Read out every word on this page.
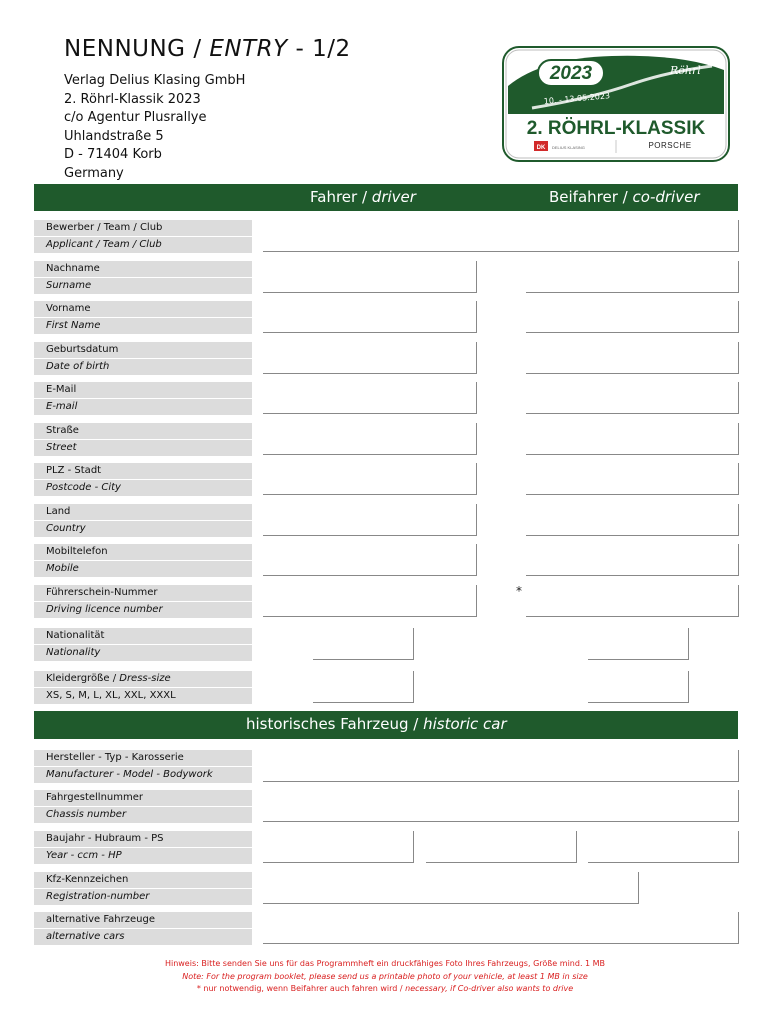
NENNUNG / ENTRY - 1/2
Verlag Delius Klasing GmbH
2. Röhrl-Klassik 2023
c/o Agentur Plusrallye
Uhlandstraße 5
D - 71404 Korb
Germany
2023
10. - 13.05.2023
Röhrl
2. RÖHRL-KLASSIK
DK DELIUS KLASING	PORSCHE
Fahrer / driver	Beifahrer / co-driver
Bewerber / Team / Club
Applicant / Team / Club
Nachname
Surname
Vorname
First Name
Geburtsdatum
Date of birth
E-Mail
E-mail
Straße
Street
PLZ - Stadt
Postcode - City
Land
Country
Mobiltelefon
Mobile
Führerschein-Nummer
Driving licence number
Nationalität
Nationality
Kleidergröße / Dress-size
XS, S, M, L, XL, XXL, XXXL
*
historisches Fahrzeug / historic car
Hersteller - Typ - Karosserie
Manufacturer - Model - Bodywork
Fahrgestellnummer
Chassis number
Baujahr - Hubraum - PS
Year - ccm - HP
Kfz-Kennzeichen
Registration-number
alternative Fahrzeuge
alternative cars
Hinweis: Bitte senden Sie uns für das Programmheft ein druckfähiges Foto Ihres Fahrzeugs, Größe mind. 1 MB
Note: For the program booklet, please send us a printable photo of your vehicle, at least 1 MB in size
* nur notwendig, wenn Beifahrer auch fahren wird / necessary, if Co-driver also wants to drive
